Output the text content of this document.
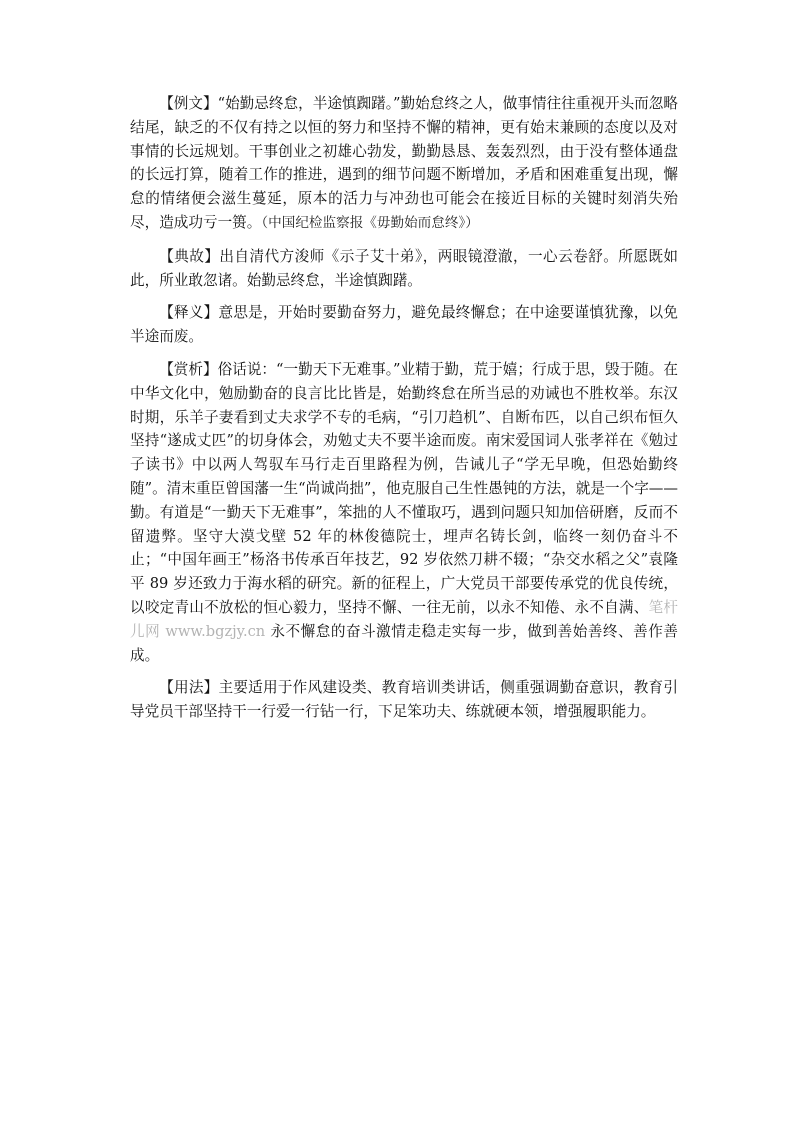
【例文】“始勤忌终怠，半途慎踟躇。”勤始怠终之人，做事情往往重视开头而忽略结尾，缺乏的不仅有持之以恒的努力和坚持不懈的精神，更有始末兼顾的态度以及对事情的长远规划。干事创业之初雄心勃发，勤勤恳恳、轰轰烈烈，由于没有整体通盘的长远打算，随着工作的推进，遇到的细节问题不断增加，矛盾和困难重复出现，懈怠的情绪便会滋生蔓延，原本的活力与冲劲也可能会在接近目标的关键时刻消失殆尽，造成功亏一篑。（中国纪检监察报《毋勤始而怠终》）

【典故】出自清代方浚师《示子艾十弟》，两眼镜澄澈，一心云卷舒。所愿既如此，所业敢忽诸。始勤忌终怠，半途慎踟躇。

【释义】意思是，开始时要勤奋努力，避免最终懈怠；在中途要谨慎犹豫，以免半途而废。

【赏析】俗话说：“一勤天下无难事。”业精于勤，荒于嬉；行成于思，毁于随。在中华文化中，勉励勤奋的良言比比皆是，始勤终怠在所当忌的劝诫也不胜枚举。东汉时期，乐羊子妻看到丈夫求学不专的毛病，“引刀趋机”、自断布匹，以自己织布恒久坚持“遂成丈匹”的切身体会，劝勉丈夫不要半途而废。南宋爱国词人张孝祥在《勉过子读书》中以两人驾驭车马行走百里路程为例，告诫儿子“学无早晚，但恐始勤终随”。清末重臣曾国藩一生“尚诚尚拙”，他克服自己生性愚钝的方法，就是一个字——勤。有道是“一勤天下无难事”，笨拙的人不懂取巧，遇到问题只知加倍研磨，反而不留遗弊。坚守大漠戈壁 52 年的林俊德院士，埋声名铸长剑，临终一刻仍奋斗不止；“中国年画王”杨洛书传承百年技艺，92 岁依然刀耕不辍；“杂交水稻之父”袁隆平 89 岁还致力于海水稻的研究。新的征程上，广大党员干部要传承党的优良传统，以咬定青山不放松的恒心毅力，坚持不懈、一往无前，以永不知倦、永不自满、笔杆儿网 www.bgzjy.cn 永不懈怠的奋斗激情走稳走实每一步，做到善始善终、善作善成。

【用法】主要适用于作风建设类、教育培训类讲话，侧重强调勤奋意识，教育引导党员干部坚持干一行爱一行钻一行，下足笨功夫、练就硬本领，增强履职能力。
